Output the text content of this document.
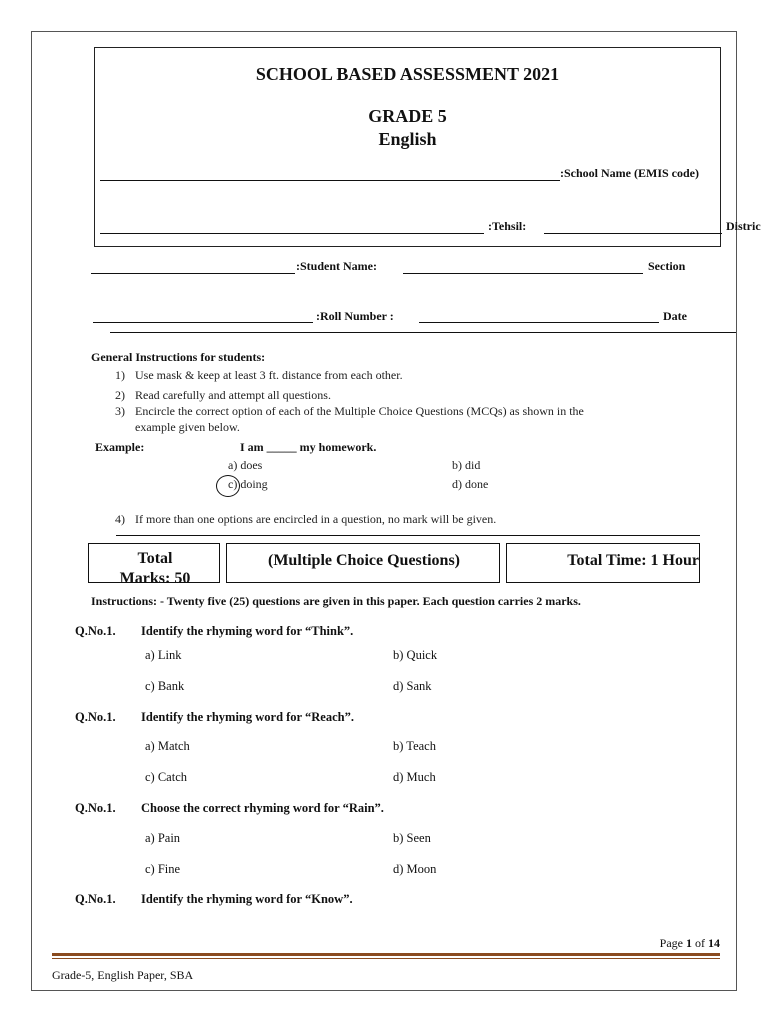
SCHOOL BASED ASSESSMENT 2021
GRADE 5
English
:School Name (EMIS code)
:Tehsil:	Distric
:Student Name:	Section
:Roll Number :	Date
General Instructions for students:
1) Use mask & keep at least 3 ft. distance from each other.
2) Read carefully and attempt all questions.
3) Encircle the correct option of each of the Multiple Choice Questions (MCQs) as shown in the
example given below.
Example:	I am _____ my homework.
a) does	b) did
c) doing	d) done
4) If more than one options are encircled in a question, no mark will be given.
Total
Marks: 50
(Multiple Choice Questions)	Total Time: 1 Hour
Instructions: - Twenty five (25) questions are given in this paper. Each question carries 2 marks.
Q.No.1. Identify the rhyming word for “Think”.
a) Link	b) Quick
c) Bank	d) Sank
Q.No.1. Identify the rhyming word for “Reach”.
a) Match	b) Teach
c) Catch	d) Much
Q.No.1. Choose the correct rhyming word for “Rain”.
a) Pain	b) Seen
c) Fine	d) Moon
Q.No.1. Identify the rhyming word for “Know”.
Page 1 of 14
Grade-5, English Paper, SBA
